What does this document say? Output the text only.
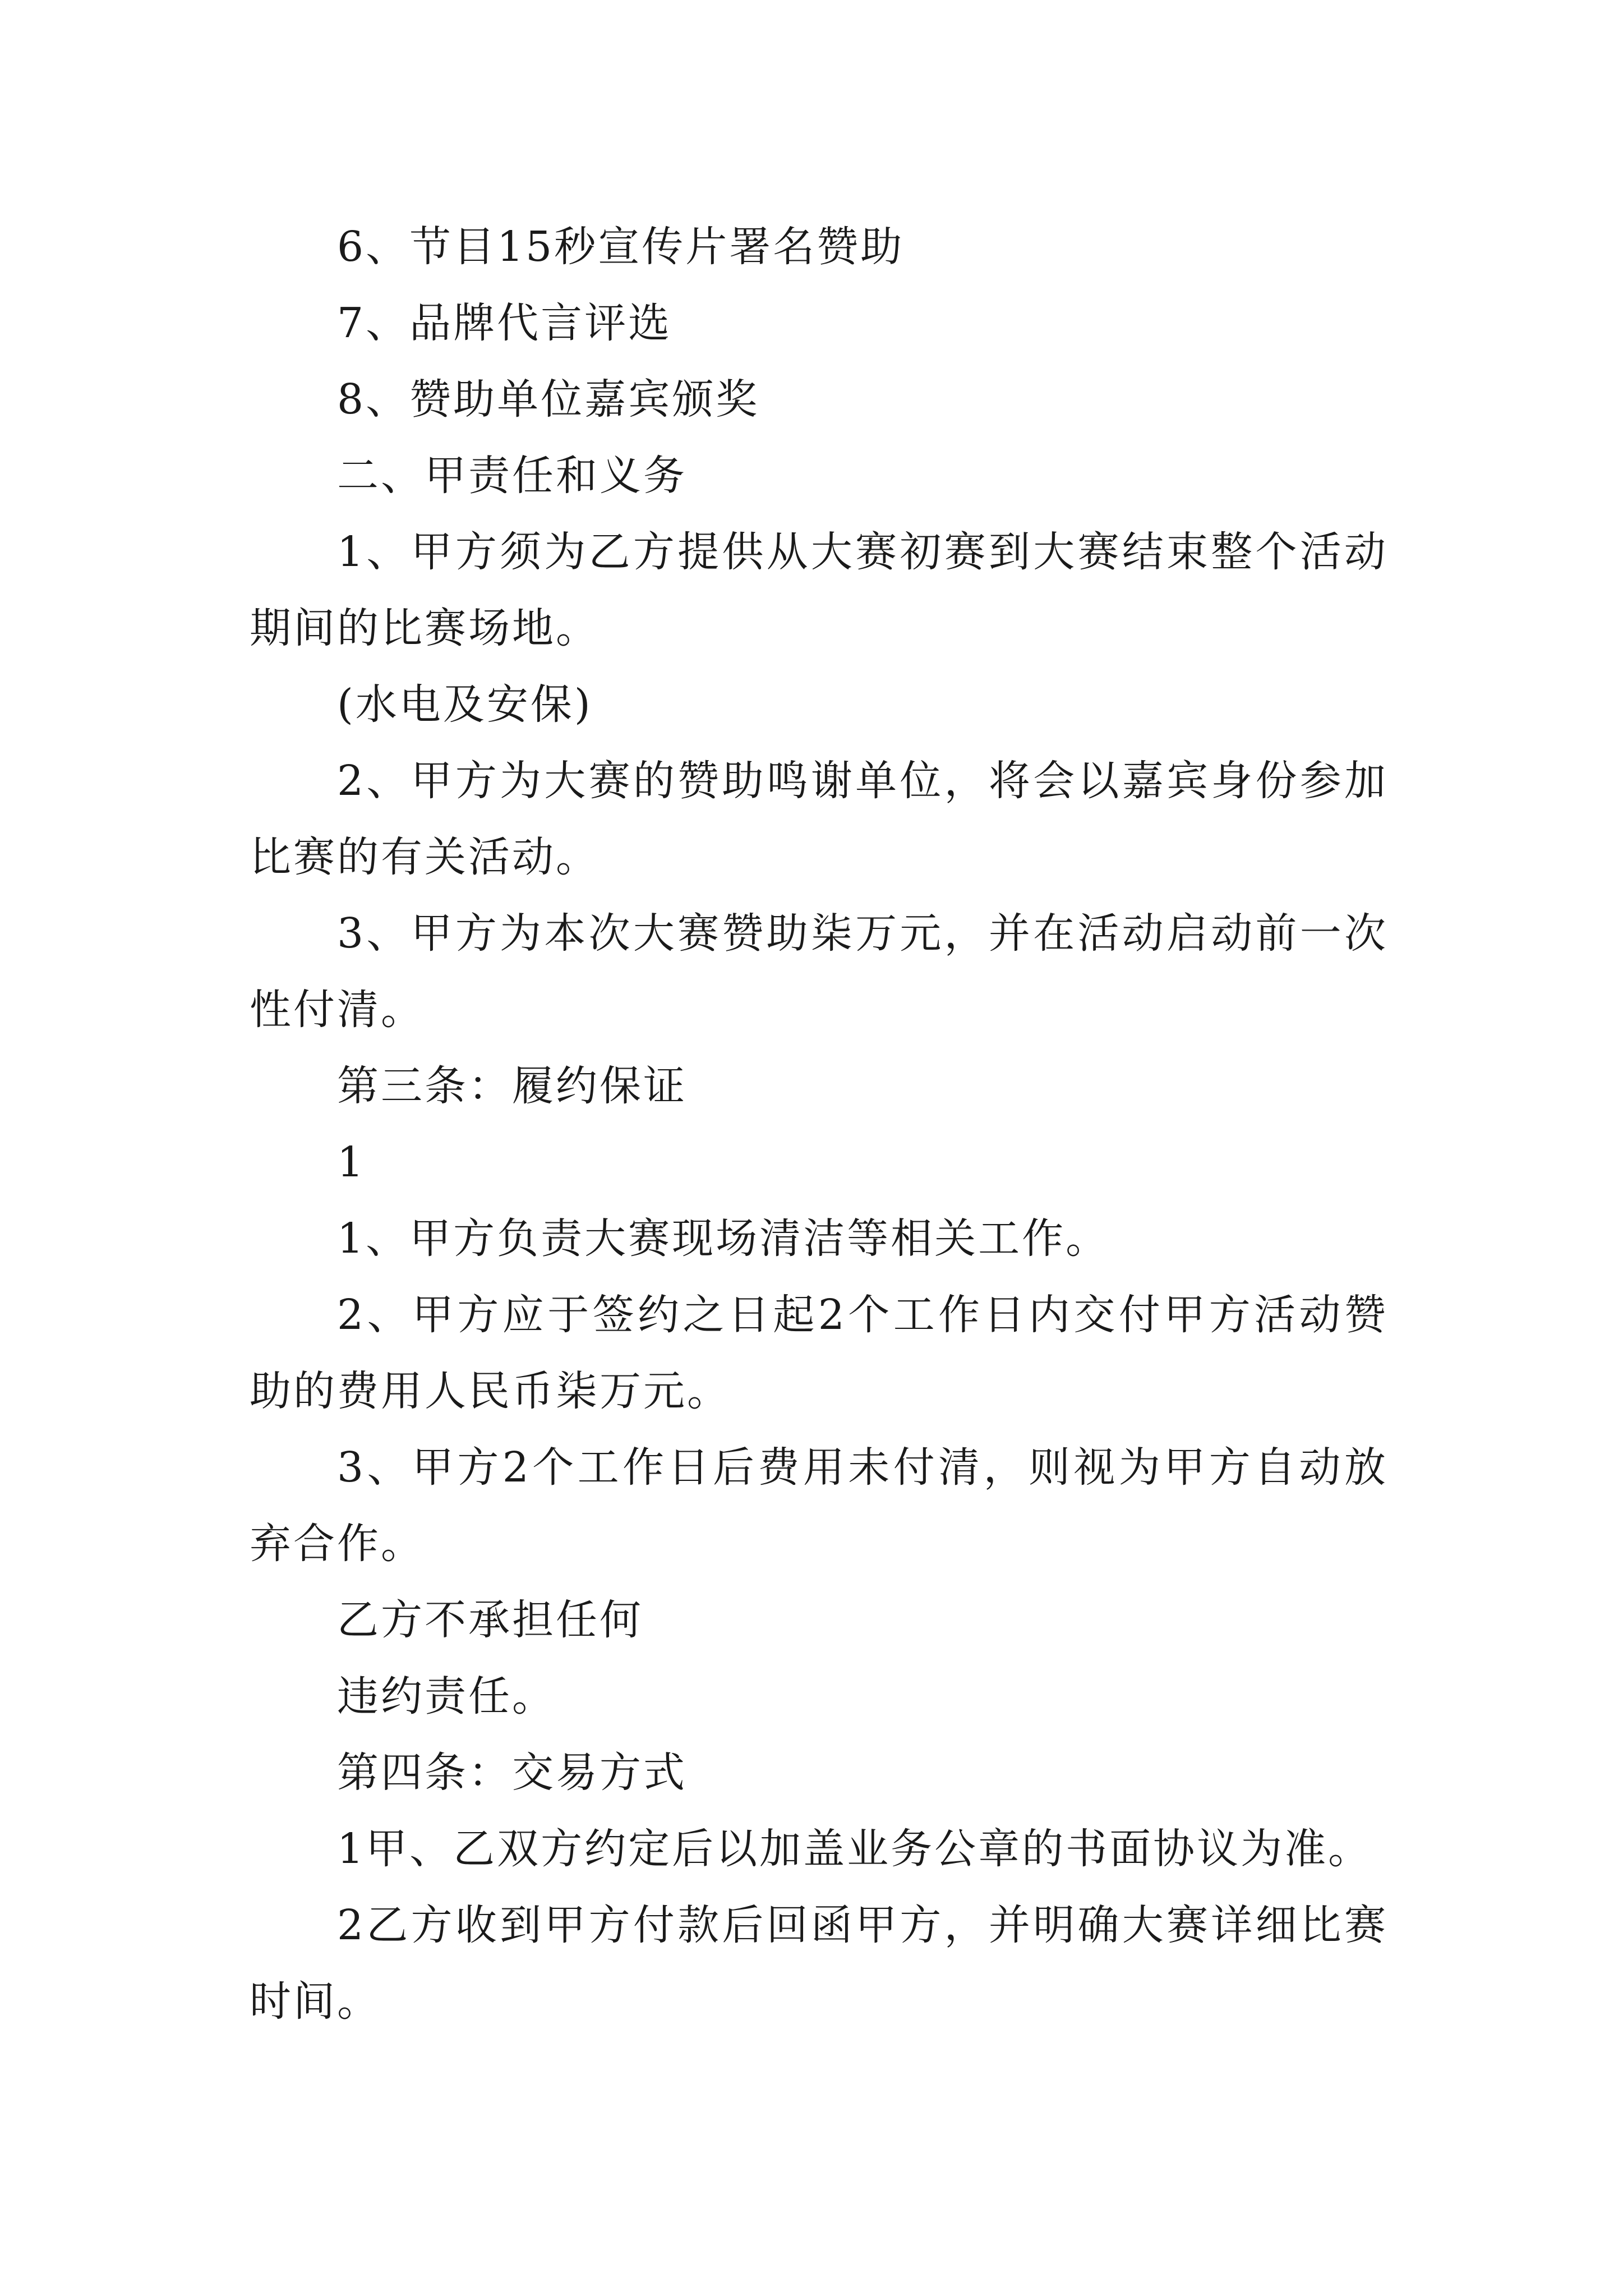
6、节目15秒宣传片署名赞助

7、品牌代言评选

8、赞助单位嘉宾颁奖

二、甲责任和义务

1、甲方须为乙方提供从大赛初赛到大赛结束整个活动期间的比赛场地。

(水电及安保)

2、甲方为大赛的赞助鸣谢单位，将会以嘉宾身份参加比赛的有关活动。

3、甲方为本次大赛赞助柒万元，并在活动启动前一次性付清。

第三条：履约保证

1

1、甲方负责大赛现场清洁等相关工作。

2、甲方应于签约之日起2个工作日内交付甲方活动赞助的费用人民币柒万元。

3、甲方2个工作日后费用未付清，则视为甲方自动放弃合作。

乙方不承担任何

违约责任。

第四条：交易方式

1甲、乙双方约定后以加盖业务公章的书面协议为准。

2乙方收到甲方付款后回函甲方，并明确大赛详细比赛时间。
